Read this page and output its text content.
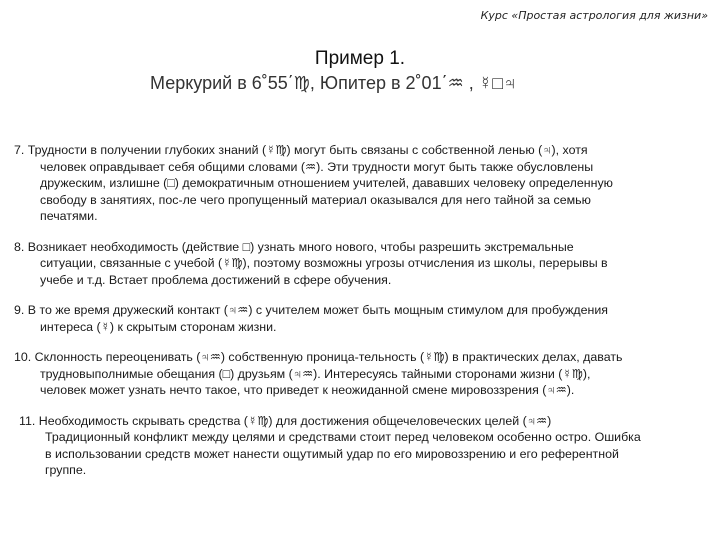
Курс «Простая астрология для жизни»
Пример 1.
Меркурий в 6˚55΄♍, Юпитер в 2˚01΄♒ , ☿□♃
7. Трудности в получении глубоких знаний (☿♍) могут быть связаны с собственной ленью (♃), хотя
человек оправдывает себя общими словами (♒). Эти трудности могут быть также обусловлены
дружеским, излишне (□) демократичным отношением учителей, дававших человеку определенную
свободу в занятиях, пос-ле чего пропущенный материал оказывался для него тайной за семью
печатями.
8. Возникает необходимость (действие □) узнать много нового, чтобы разрешить экстремальные
ситуации, связанные с учебой (☿♍), поэтому возможны угрозы отчисления из школы, перерывы в
учебе и т.д. Встает проблема достижений в сфере обучения.
9. В то же время дружеский контакт (♃♒) с учителем может быть мощным стимулом для пробуждения
интереса (☿) к скрытым сторонам жизни.
10. Склонность переоценивать (♃♒) собственную проница-тельность (☿♍) в практических делах, давать
трудновыполнимые обещания (□) друзьям (♃♒). Интересуясь тайными сторонами жизни (☿♍),
человек может узнать нечто такое, что приведет к неожиданной смене мировоззрения (♃♒).
11. Необходимость скрывать средства (☿♍) для достижения общечеловеческих целей (♃♒)
Традиционный конфликт между целями и средствами стоит перед человеком особенно остро. Ошибка
в использовании средств может нанести ощутимый удар по его мировоззрению и его референтной
группе.
